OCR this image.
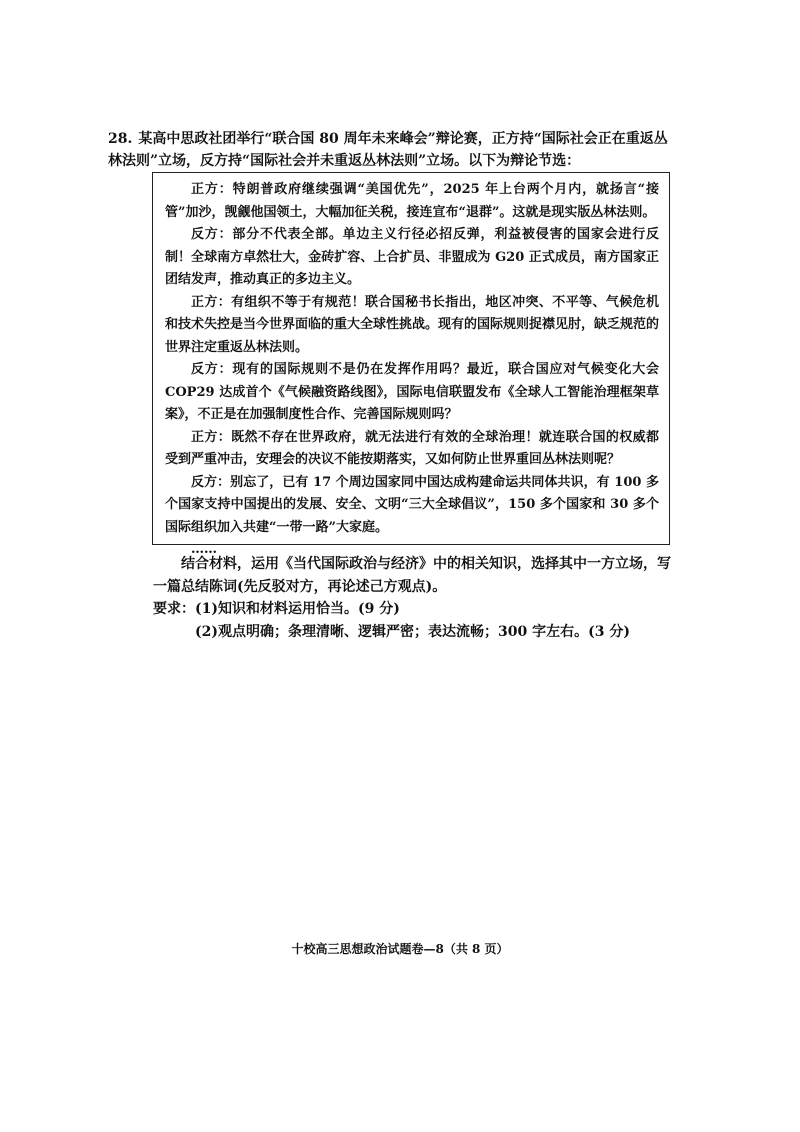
28. 某高中思政社团举行“联合国 80 周年未来峰会”辩论赛，正方持“国际社会正在重返丛林法则”立场，反方持“国际社会并未重返丛林法则”立场。以下为辩论节选：

正方：特朗普政府继续强调“美国优先”，2025 年上台两个月内，就扬言“接管”加沙，觊觎他国领土，大幅加征关税，接连宣布“退群”。这就是现实版丛林法则。

反方：部分不代表全部。单边主义行径必招反弹，利益被侵害的国家会进行反制！全球南方卓然壮大，金砖扩容、上合扩员、非盟成为 G20 正式成员，南方国家正团结发声，推动真正的多边主义。

正方：有组织不等于有规范！联合国秘书长指出，地区冲突、不平等、气候危机和技术失控是当今世界面临的重大全球性挑战。现有的国际规则捉襟见肘，缺乏规范的世界注定重返丛林法则。

反方：现有的国际规则不是仍在发挥作用吗？最近，联合国应对气候变化大会 COP29 达成首个《气候融资路线图》，国际电信联盟发布《全球人工智能治理框架草案》，不正是在加强制度性合作、完善国际规则吗？

正方：既然不存在世界政府，就无法进行有效的全球治理！就连联合国的权威都受到严重冲击，安理会的决议不能按期落实，又如何防止世界重回丛林法则呢？

反方：别忘了，已有 17 个周边国家同中国达成构建命运共同体共识，有 100 多个国家支持中国提出的发展、安全、文明“三大全球倡议”，150 多个国家和 30 多个国际组织加入共建“一带一路”大家庭。

……

结合材料，运用《当代国际政治与经济》中的相关知识，选择其中一方立场，写一篇总结陈词(先反驳对方，再论述己方观点)。

要求：(1)知识和材料运用恰当。(9 分)

(2)观点明确；条理清晰、逻辑严密；表达流畅；300 字左右。(3 分)

十校高三思想政治试题卷—8（共 8 页）
